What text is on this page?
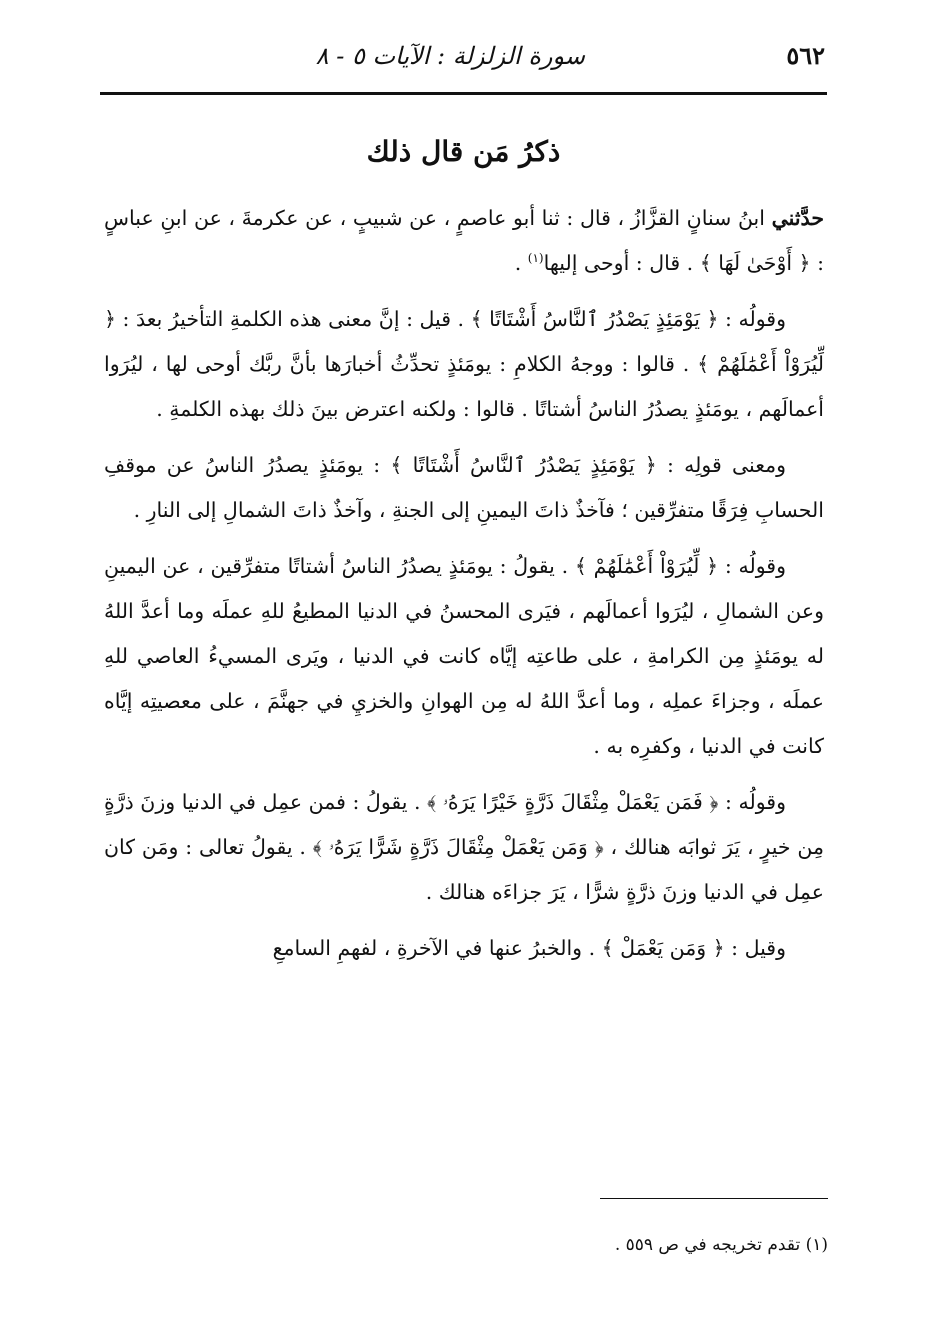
٥٦٢
سورة الزلزلة : الآيات ٥ - ٨
ذكرُ مَن قال ذلك

حدَّثني ابنُ سنانٍ القزَّازُ ، قال : ثنا أبو عاصمٍ ، عن شبيبٍ ، عن عكرمةَ ، عن ابنِ عباسٍ : ﴿ أَوْحَىٰ لَهَا ﴾ . قال : أوحى إليها$^{(١)}$ .

وقولُه : ﴿ يَوْمَئِذٍ يَصْدُرُ ٱلنَّاسُ أَشْتَاتًا ﴾ . قيل : إنَّ معنى هذه الكلمةِ التأخيرُ بعدَ : ﴿ لِّيُرَوْاْ أَعْمَٰلَهُمْ ﴾ . قالوا : ووجهُ الكلامِ : يومَئذٍ تحدِّثُ أخبارَها بأنَّ ربَّك أوحى لها ، ليُرَوا أعمالَهم ، يومَئذٍ يصدُرُ الناسُ أشتاتًا . قالوا : ولكنه اعترض بينَ ذلك بهذه الكلمةِ .

ومعنى قولِه : ﴿ يَوْمَئِذٍ يَصْدُرُ ٱلنَّاسُ أَشْتَاتًا ﴾ : يومَئذٍ يصدُرُ الناسُ عن موقفِ الحسابِ فِرَقًا متفرِّقين ؛ فآخذٌ ذاتَ اليمينِ إلى الجنةِ ، وآخذٌ ذاتَ الشمالِ إلى النارِ .

وقولُه : ﴿ لِّيُرَوْاْ أَعْمَٰلَهُمْ ﴾ . يقولُ : يومَئذٍ يصدُرُ الناسُ أشتاتًا متفرِّقين ، عن اليمينِ وعن الشمالِ ، ليُرَوا أعمالَهم ، فيَرى المحسنُ في الدنيا المطيعُ للهِ عملَه وما أعدَّ اللهُ له يومَئذٍ مِن الكرامةِ ، على طاعتِه إيَّاه كانت في الدنيا ، ويَرى المسيءُ العاصي للهِ عملَه ، وجزاءَ عملِه ، وما أعدَّ اللهُ له مِن الهوانِ والخزيِ في جهنَّمَ ، على معصيتِه إيَّاه كانت في الدنيا ، وكفرِه به .

وقولُه : ﴿ فَمَن يَعْمَلْ مِثْقَالَ ذَرَّةٍ خَيْرًا يَرَهُۥ ﴾ . يقولُ : فمن عمِل في الدنيا وزنَ ذرَّةٍ مِن خيرٍ ، يَرَ ثوابَه هنالك ، ﴿ وَمَن يَعْمَلْ مِثْقَالَ ذَرَّةٍ شَرًّا يَرَهُۥ ﴾ . يقولُ تعالى : ومَن كان عمِل في الدنيا وزنَ ذرَّةٍ شرًّا ، يَرَ جزاءَه هنالك .

وقيل : ﴿ وَمَن يَعْمَلْ ﴾ . والخبرُ عنها في الآخرةِ ، لفهمِ السامعِ

(١) تقدم تخريجه في ص ٥٥٩ .
